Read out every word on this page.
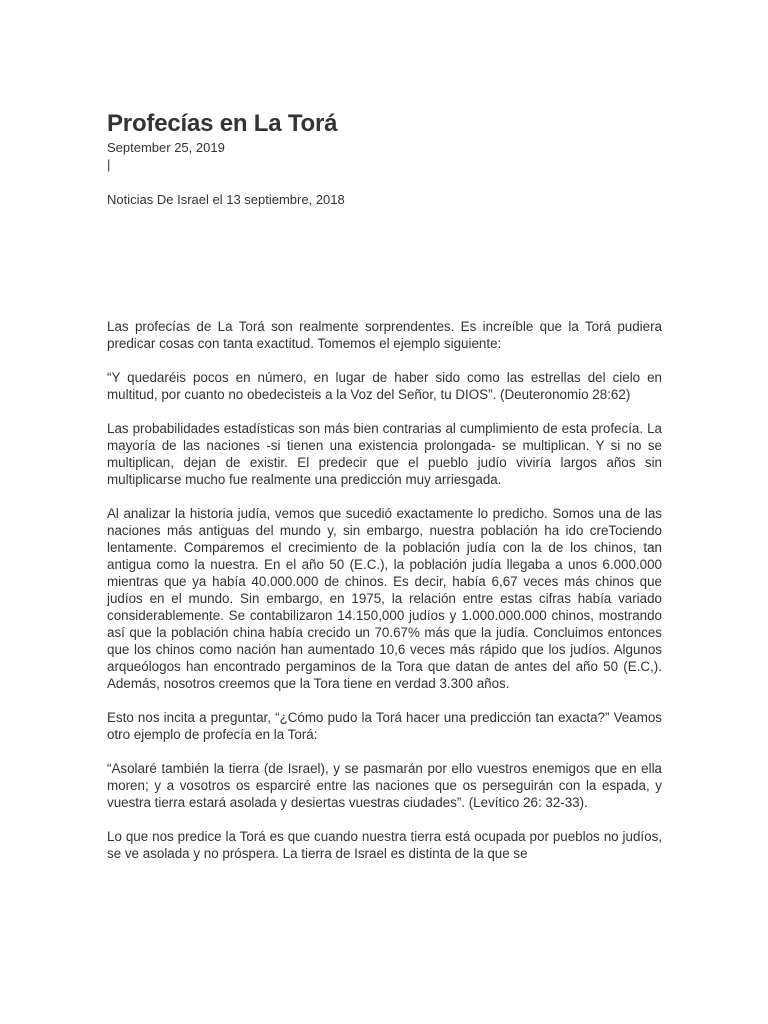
Profecías en La Torá
September 25, 2019
|
Noticias De Israel el 13 septiembre, 2018

Las profecías de La Torá son realmente sorprendentes. Es increíble que la Torá pudiera predicar cosas con tanta exactitud. Tomemos el ejemplo siguiente:

“Y quedaréis pocos en número, en lugar de haber sido como las estrellas del cielo en multitud, por cuanto no obedecisteis a la Voz del Señor, tu DIOS”. (Deuteronomio 28:62)

Las probabilidades estadísticas son más bien contrarias al cumplimiento de esta profecía. La mayoría de las naciones -si tienen una existencia prolongada- se multiplican. Y si no se multiplican, dejan de existir. El predecir que el pueblo judío viviría largos años sin multiplicarse mucho fue realmente una predicción muy arriesgada.

Al analizar la historia judía, vemos que sucedió exactamente lo predicho. Somos una de las naciones más antiguas del mundo y, sin embargo, nuestra población ha ido creTociendo lentamente. Comparemos el crecimiento de la población judía con la de los chinos, tan antigua como la nuestra. En el año 50 (E.C.), la población judía llegaba a unos 6.000.000 mientras que ya había 40.000.000 de chinos. Es decir, había 6,67 veces más chinos que judíos en el mundo. Sin embargo, en 1975, la relación entre estas cifras había variado considerablemente. Se contabilizaron 14.150,000 judíos y 1.000.000.000 chinos, mostrando así que la población china había crecido un 70.67% más que la judía. Concluimos entonces que los chinos como nación han aumentado 10,6 veces más rápido que los judíos. Algunos arqueólogos han encontrado pergaminos de la Tora que datan de antes del año 50 (E.C,). Además, nosotros creemos que la Tora tiene en verdad 3.300 años.

Esto nos incita a preguntar, “¿Cómo pudo la Torá hacer una predicción tan exacta?” Veamos otro ejemplo de profecía en la Torá:

“Asolaré también la tierra (de Israel), y se pasmarán por ello vuestros enemigos que en ella moren; y a vosotros os esparciré entre las naciones que os perseguirán con la espada, y vuestra tierra estará asolada y desiertas vuestras ciudades”. (Levítico 26: 32-33).

Lo que nos predice la Torá es que cuando nuestra tierra está ocupada por pueblos no judíos, se ve asolada y no próspera. La tierra de Israel es distinta de la que se
